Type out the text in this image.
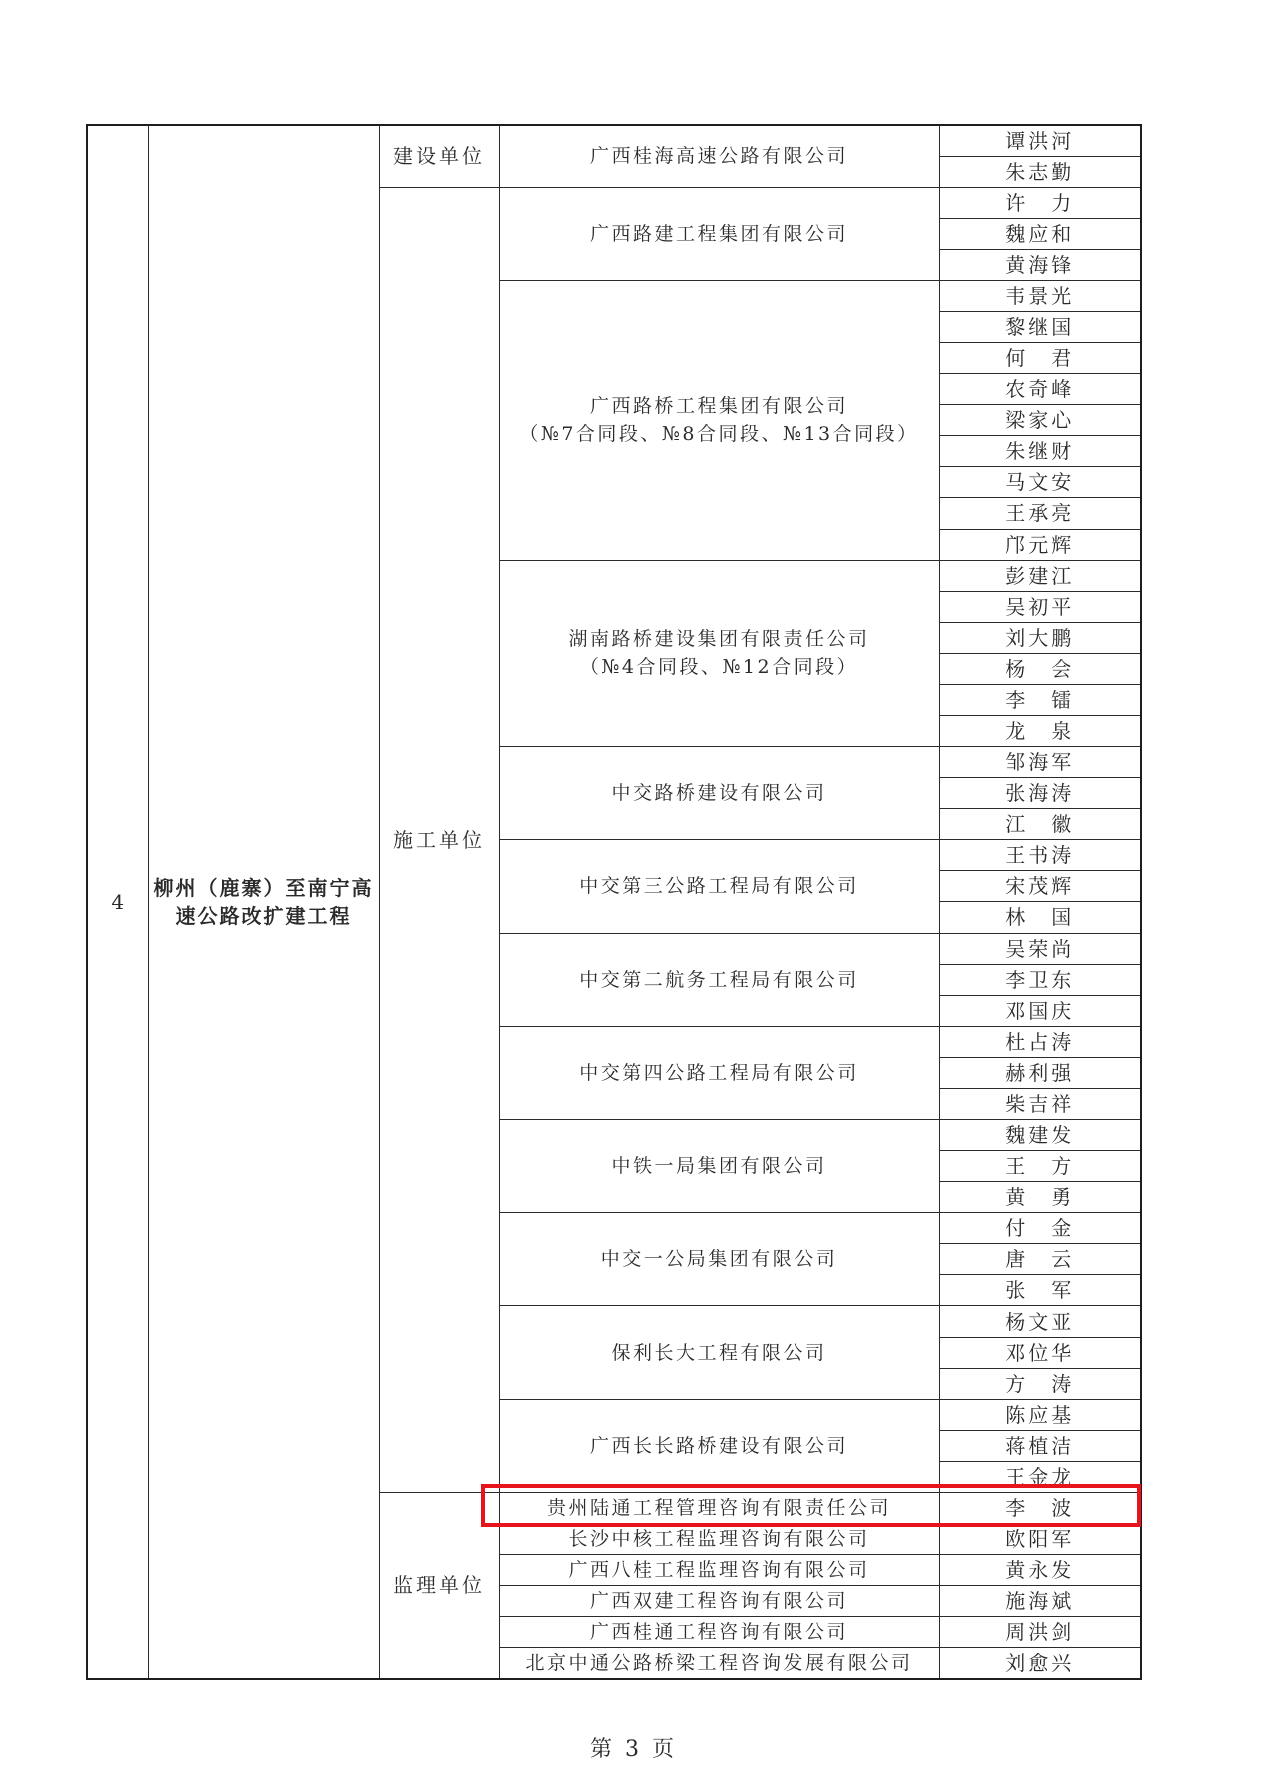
4	柳州（鹿寨）至南宁高
速公路改扩建工程	建设单位	广西桂海高速公路有限公司	谭洪河
				朱志勤
		施工单位	广西路建工程集团有限公司	许　力
				魏应和
				黄海锋

			广西路桥工程集团有限公司
（№7合同段、№8合同段、№13合同段）	韦景光
				黎继国
				何　君
				农奇峰
				梁家心
				朱继财
				马文安
				王承亮
				邝元辉

			湖南路桥建设集团有限责任公司
（№4合同段、№12合同段）	彭建江
				吴初平
				刘大鹏
				杨　会
				李　镭
				龙　泉

			中交路桥建设有限公司	邹海军
				张海涛
				江　徽

			中交第三公路工程局有限公司	王书涛
				宋茂辉
				林　国

			中交第二航务工程局有限公司	吴荣尚
				李卫东
				邓国庆

			中交第四公路工程局有限公司	杜占涛
				赫利强
				柴吉祥

			中铁一局集团有限公司	魏建发
				王　方
				黄　勇

			中交一公局集团有限公司	付　金
				唐　云
				张　军

			保利长大工程有限公司	杨文亚
				邓位华
				方　涛

			广西长长路桥建设有限公司	陈应基
				蒋植洁
				王金龙
		监理单位	贵州陆通工程管理咨询有限责任公司	李　波

			长沙中核工程监理咨询有限公司	欧阳军

			广西八桂工程监理咨询有限公司	黄永发

			广西双建工程咨询有限公司	施海斌

			广西桂通工程咨询有限公司	周洪剑

			北京中通公路桥梁工程咨询发展有限公司	刘愈兴
第 3 页
